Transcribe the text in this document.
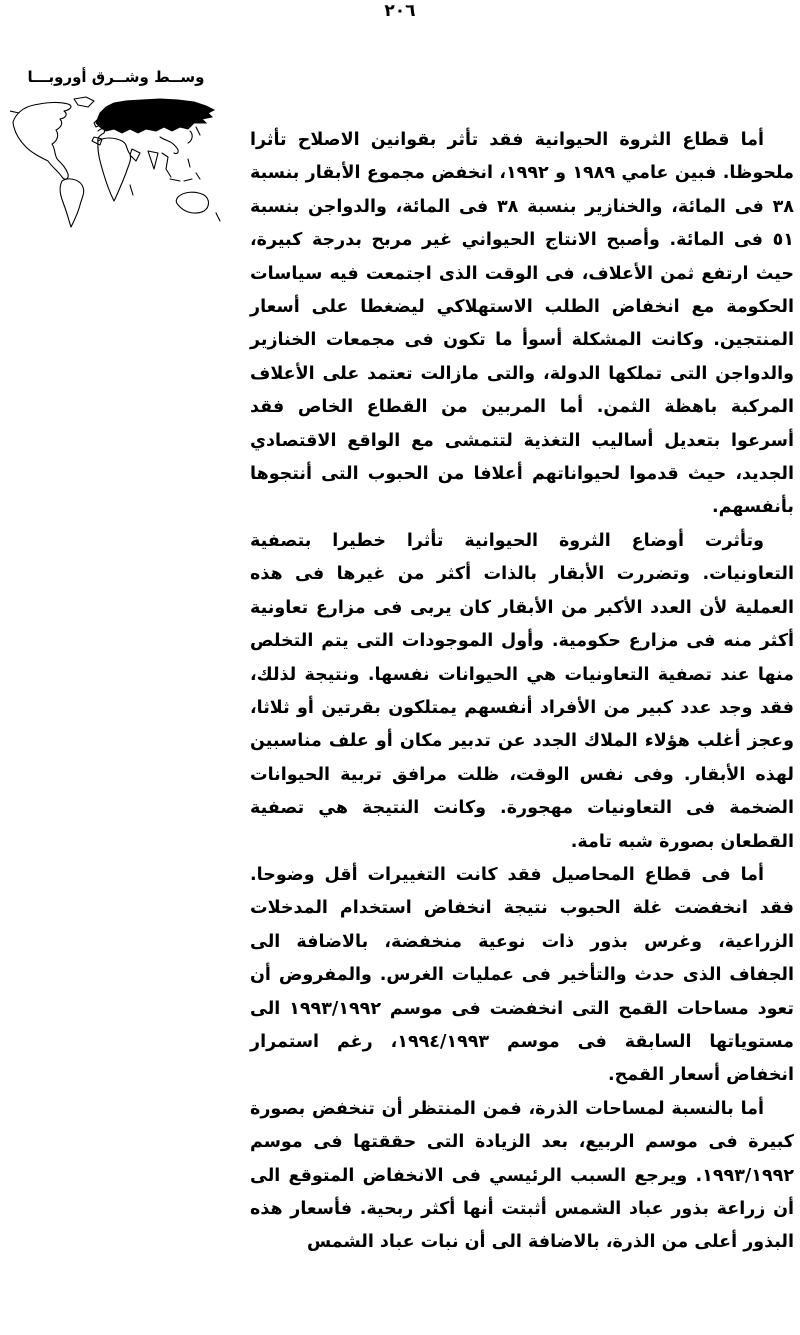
٢٠٦
وســط وشــرق أوروبـــا

أما قطاع الثروة الحيوانية فقد تأثر بقوانين الاصلاح تأثرا ملحوظا. فبين عامي ١٩٨٩ و ١٩٩٢، انخفض مجموع الأبقار بنسبة ٣٨ فى المائة، والخنازير بنسبة ٣٨ فى المائة، والدواجن بنسبة ٥١ فى المائة. وأصبح الانتاج الحيواني غير مربح بدرجة كبيرة، حيث ارتفع ثمن الأعلاف، فى الوقت الذى اجتمعت فيه سياسات الحكومة مع انخفاض الطلب الاستهلاكي ليضغطا على أسعار المنتجين. وكانت المشكلة أسوأ ما تكون فى مجمعات الخنازير والدواجن التى تملكها الدولة، والتى مازالت تعتمد على الأعلاف المركبة باهظة الثمن. أما المربين من القطاع الخاص فقد أسرعوا بتعديل أساليب التغذية لتتمشى مع الواقع الاقتصادي الجديد، حيث قدموا لحيواناتهم أعلافا من الحبوب التى أنتجوها بأنفسهم.

وتأثرت أوضاع الثروة الحيوانية تأثرا خطيرا بتصفية التعاونيات. وتضررت الأبقار بالذات أكثر من غيرها فى هذه العملية لأن العدد الأكبر من الأبقار كان يربى فى مزارع تعاونية أكثر منه فى مزارع حكومية. وأول الموجودات التى يتم التخلص منها عند تصفية التعاونيات هي الحيوانات نفسها. ونتيجة لذلك، فقد وجد عدد كبير من الأفراد أنفسهم يمتلكون بقرتين أو ثلاثا، وعجز أغلب هؤلاء الملاك الجدد عن تدبير مكان أو علف مناسبين لهذه الأبقار. وفى نفس الوقت، ظلت مرافق تربية الحيوانات الضخمة فى التعاونيات مهجورة. وكانت النتيجة هي تصفية القطعان بصورة شبه تامة.

أما فى قطاع المحاصيل فقد كانت التغييرات أقل وضوحا. فقد انخفضت غلة الحبوب نتيجة انخفاض استخدام المدخلات الزراعية، وغرس بذور ذات نوعية منخفضة، بالاضافة الى الجفاف الذى حدث والتأخير فى عمليات الغرس. والمفروض أن تعود مساحات القمح التى انخفضت فى موسم ١٩٩٣/١٩٩٢ الى مستوياتها السابقة فى موسم ١٩٩٤/١٩٩٣، رغم استمرار انخفاض أسعار القمح.

أما بالنسبة لمساحات الذرة، فمن المنتظر أن تنخفض بصورة كبيرة فى موسم الربيع، بعد الزيادة التى حققتها فى موسم ١٩٩٣/١٩٩٢. ويرجع السبب الرئيسي فى الانخفاض المتوقع الى أن زراعة بذور عباد الشمس أثبتت أنها أكثر ربحية. فأسعار هذه البذور أعلى من الذرة، بالاضافة الى أن نبات عباد الشمس
